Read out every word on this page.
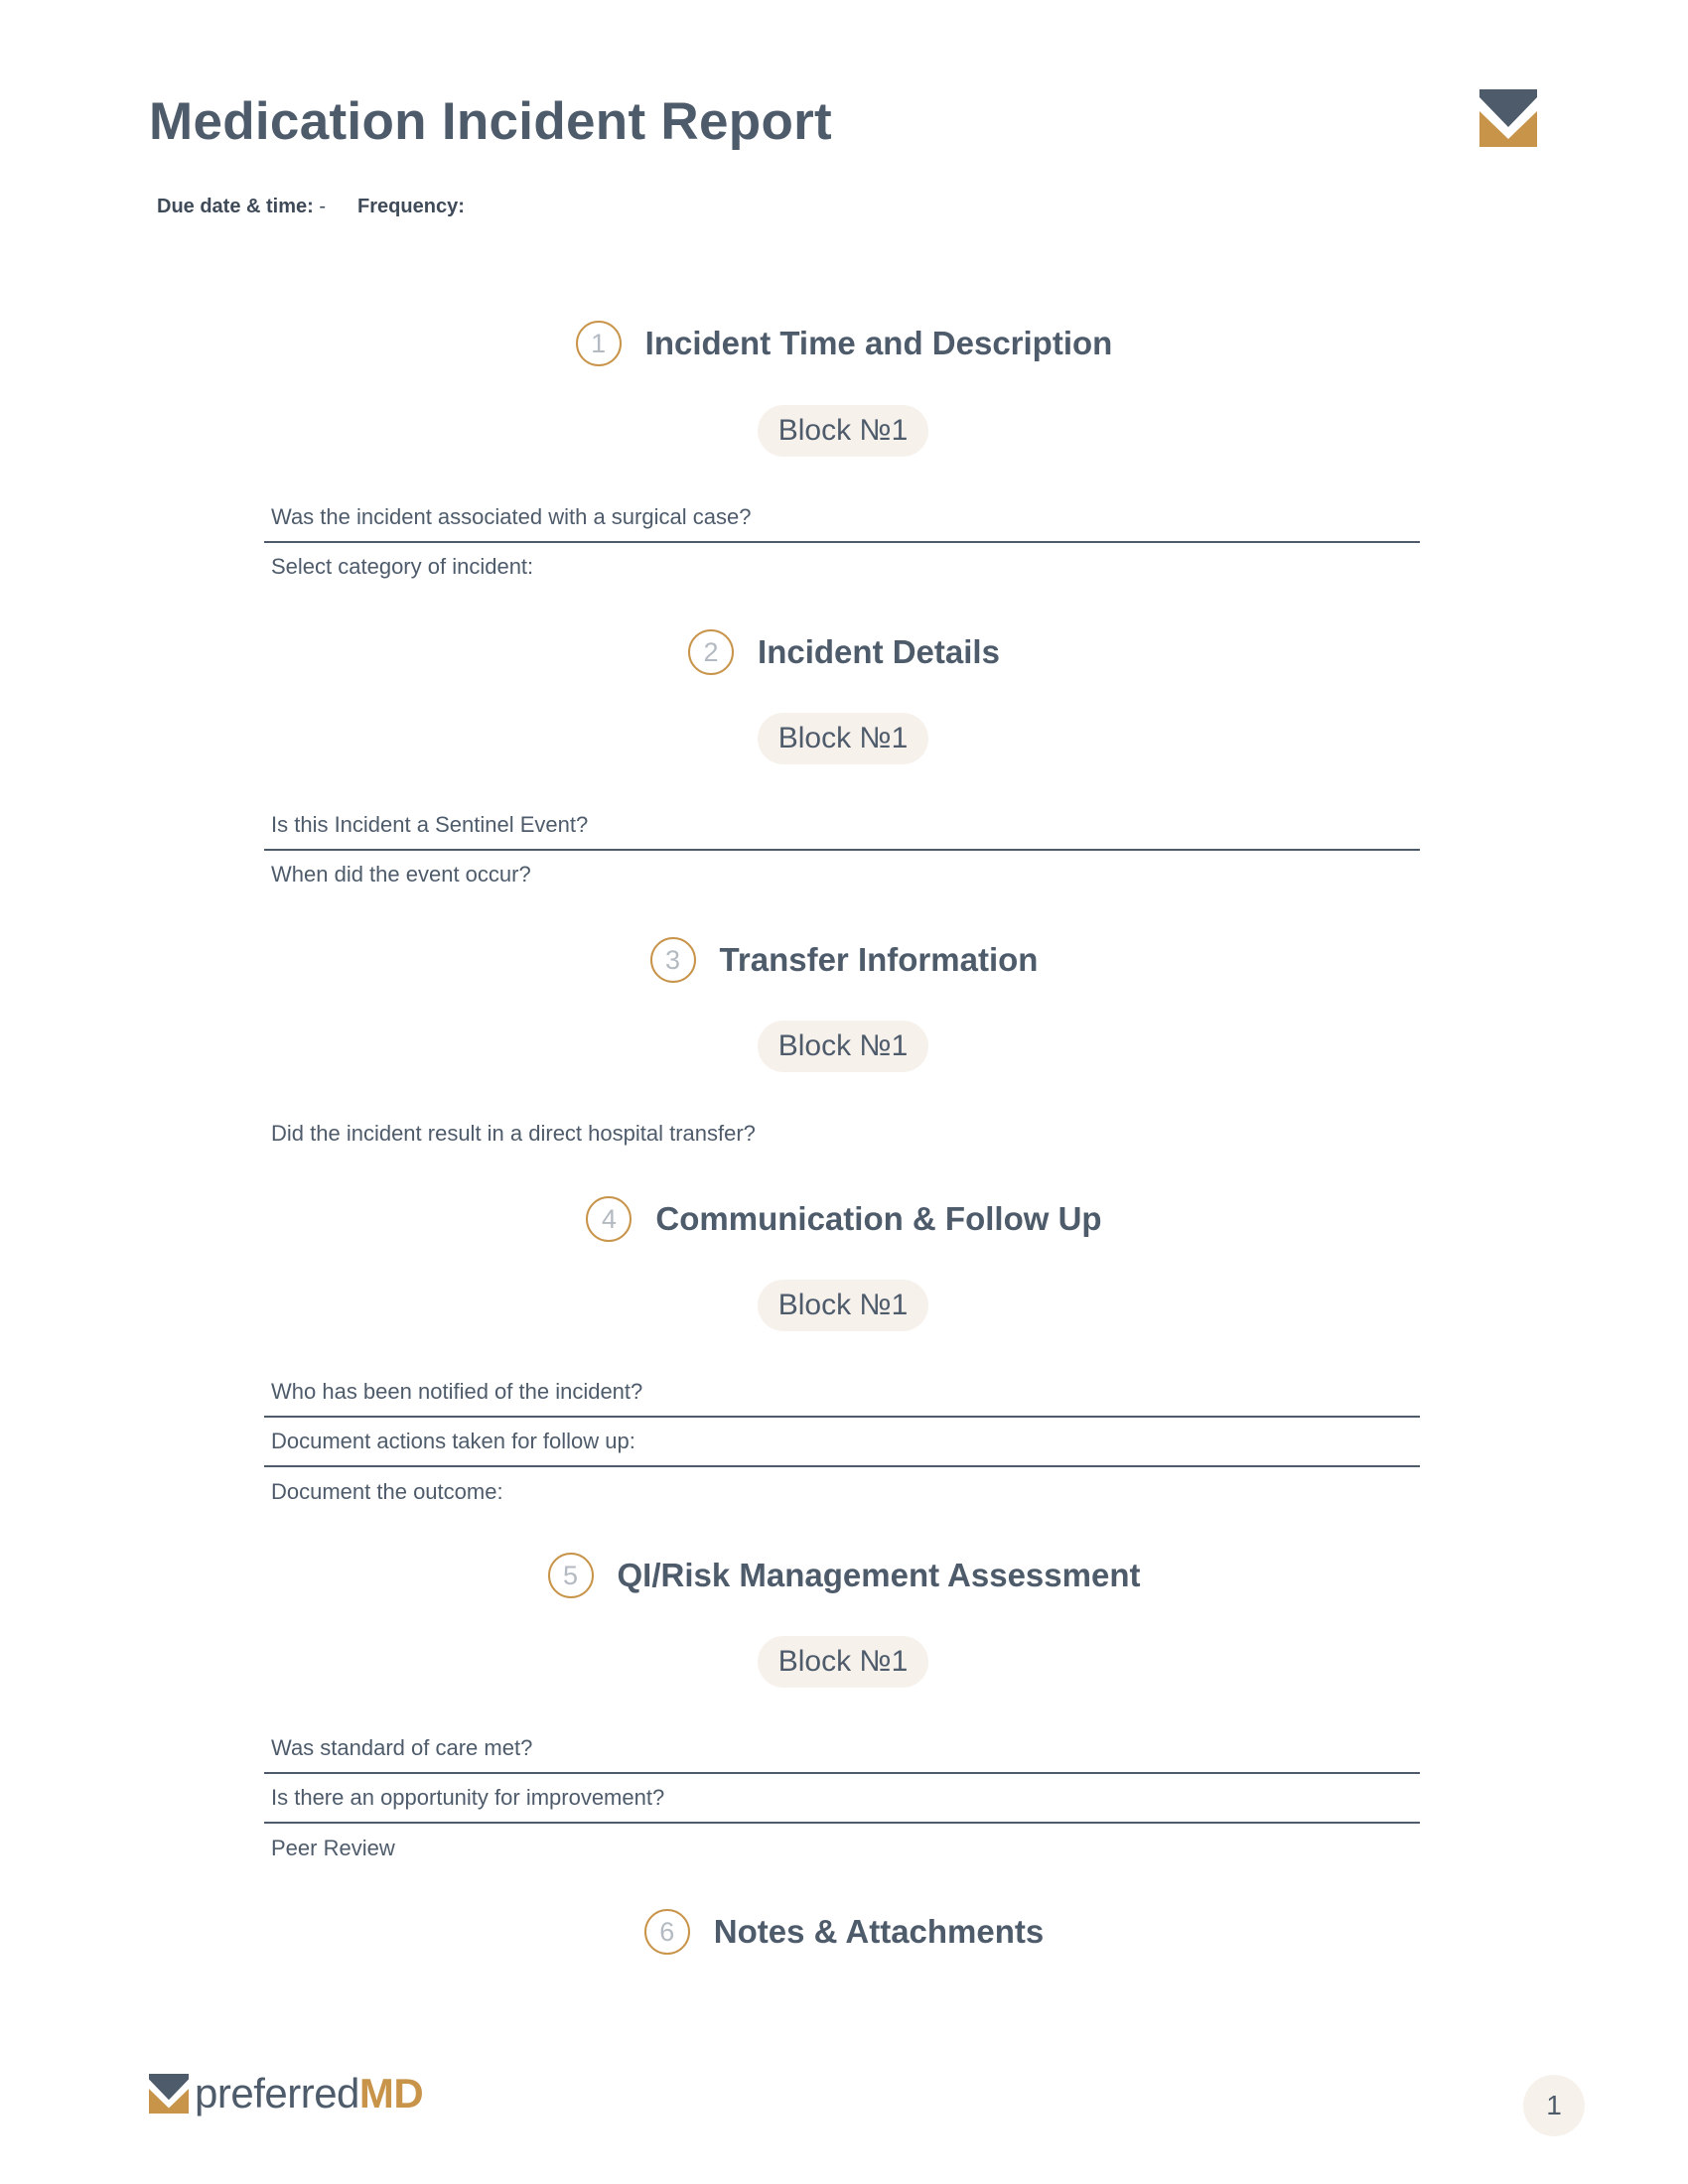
Medication Incident Report
Due date & time: - Frequency:
1	Incident Time and Description
Block №1
Was the incident associated with a surgical case?
Select category of incident:
2	Incident Details
Block №1
Is this Incident a Sentinel Event?
When did the event occur?
3	Transfer Information
Block №1
Did the incident result in a direct hospital transfer?
4	Communication & Follow Up
Block №1
Who has been notified of the incident?
Document actions taken for follow up:
Document the outcome:
5	QI/Risk Management Assessment
Block №1
Was standard of care met?
Is there an opportunity for improvement?
Peer Review
6	Notes & Attachments
preferredMD	1
